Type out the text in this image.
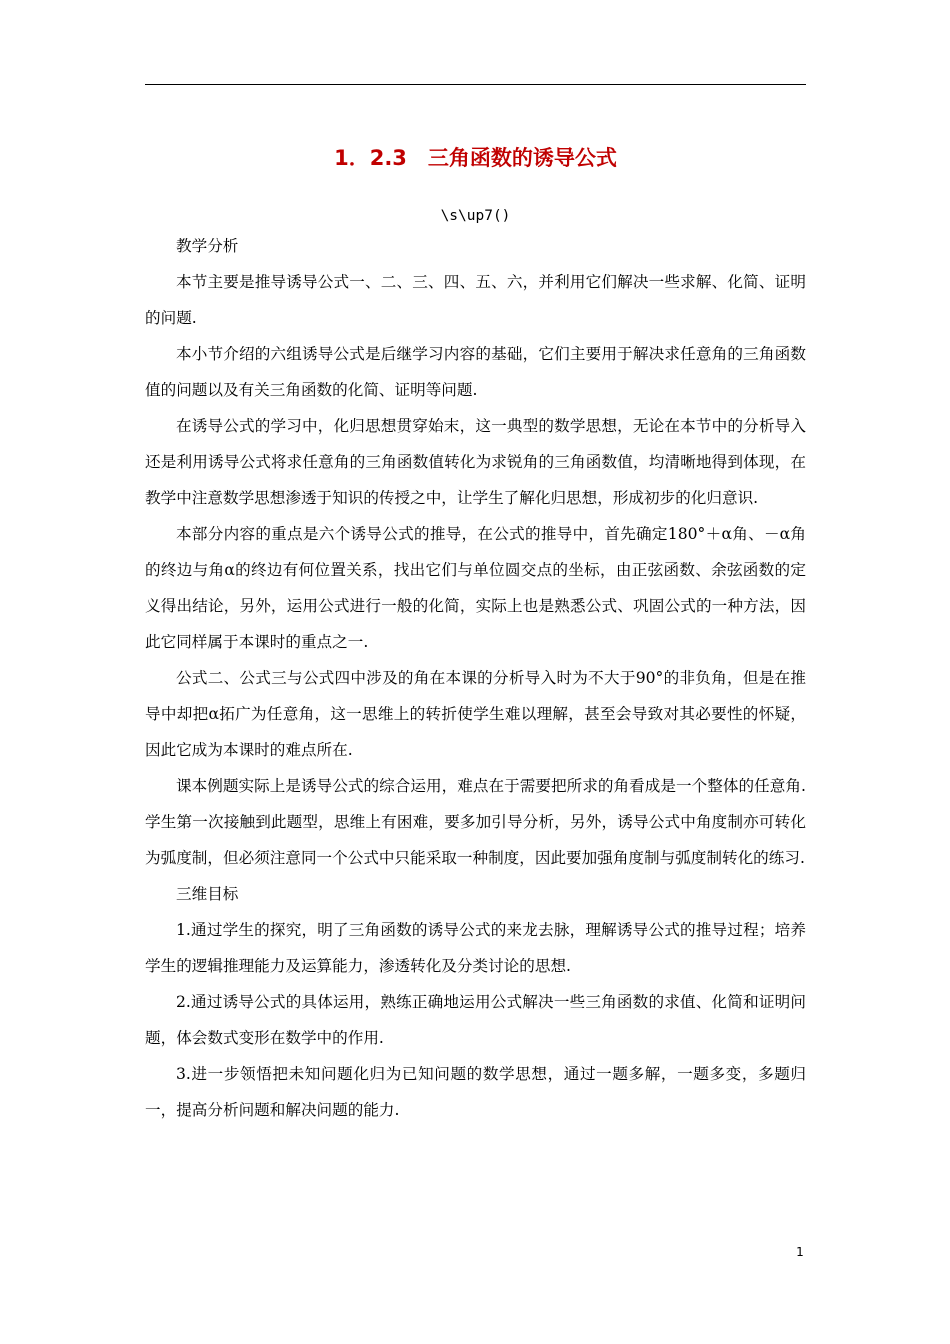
1．2.3　三角函数的诱导公式
\s\up7()

教学分析

本节主要是推导诱导公式一、二、三、四、五、六，并利用它们解决一些求解、化简、证明的问题.

本小节介绍的六组诱导公式是后继学习内容的基础，它们主要用于解决求任意角的三角函数值的问题以及有关三角函数的化简、证明等问题.

在诱导公式的学习中，化归思想贯穿始末，这一典型的数学思想，无论在本节中的分析导入还是利用诱导公式将求任意角的三角函数值转化为求锐角的三角函数值，均清晰地得到体现，在教学中注意数学思想渗透于知识的传授之中，让学生了解化归思想，形成初步的化归意识.

本部分内容的重点是六个诱导公式的推导，在公式的推导中，首先确定180°＋α角、－α角的终边与角α的终边有何位置关系，找出它们与单位圆交点的坐标，由正弦函数、余弦函数的定义得出结论，另外，运用公式进行一般的化简，实际上也是熟悉公式、巩固公式的一种方法，因此它同样属于本课时的重点之一.

公式二、公式三与公式四中涉及的角在本课的分析导入时为不大于90°的非负角，但是在推导中却把α拓广为任意角，这一思维上的转折使学生难以理解，甚至会导致对其必要性的怀疑，因此它成为本课时的难点所在.

课本例题实际上是诱导公式的综合运用，难点在于需要把所求的角看成是一个整体的任意角.学生第一次接触到此题型，思维上有困难，要多加引导分析，另外，诱导公式中角度制亦可转化为弧度制，但必须注意同一个公式中只能采取一种制度，因此要加强角度制与弧度制转化的练习.

三维目标

1.通过学生的探究，明了三角函数的诱导公式的来龙去脉，理解诱导公式的推导过程；培养学生的逻辑推理能力及运算能力，渗透转化及分类讨论的思想.

2.通过诱导公式的具体运用，熟练正确地运用公式解决一些三角函数的求值、化简和证明问题，体会数式变形在数学中的作用.

3.进一步领悟把未知问题化归为已知问题的数学思想，通过一题多解，一题多变，多题归一，提高分析问题和解决问题的能力.

1
